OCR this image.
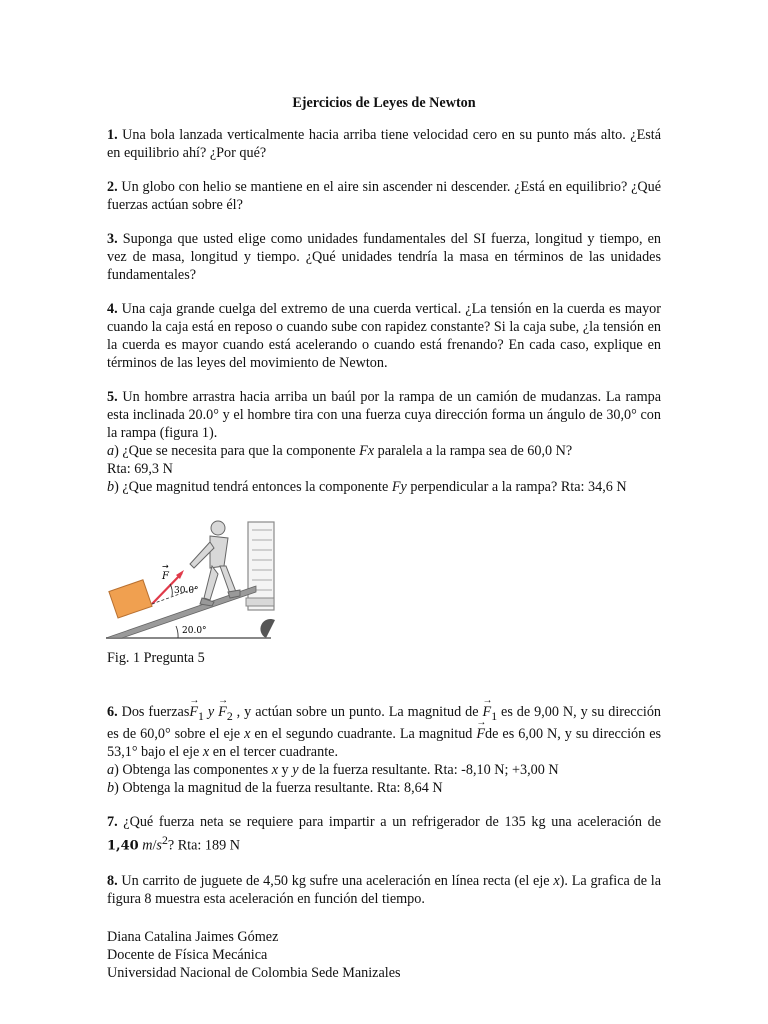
Ejercicios de Leyes de Newton

1. Una bola lanzada verticalmente hacia arriba tiene velocidad cero en su punto más alto. ¿Está en equilibrio ahí? ¿Por qué?

2. Un globo con helio se mantiene en el aire sin ascender ni descender. ¿Está en equilibrio? ¿Qué fuerzas actúan sobre él?

3. Suponga que usted elige como unidades fundamentales del SI fuerza, longitud y tiempo, en vez de masa, longitud y tiempo. ¿Qué unidades tendría la masa en términos de las unidades fundamentales?

4. Una caja grande cuelga del extremo de una cuerda vertical. ¿La tensión en la cuerda es mayor cuando la caja está en reposo o cuando sube con rapidez constante? Si la caja sube, ¿la tensión en la cuerda es mayor cuando está acelerando o cuando está frenando? En cada caso, explique en términos de las leyes del movimiento de Newton.

5. Un hombre arrastra hacia arriba un baúl por la rampa de un camión de mudanzas. La rampa esta inclinada 20.0° y el hombre tira con una fuerza cuya dirección forma un ángulo de 30,0° con la rampa (figura 1).

a) ¿Que se necesita para que la componente Fx paralela a la rampa sea de 60,0 N?

Rta: 69,3 N

b) ¿Que magnitud tendrá entonces la componente Fy perpendicular a la rampa? Rta: 34,6 N

20.0°
F
→
30.0°

Fig. 1 Pregunta 5

6. Dos fuerzas→ $F_1$ $y \to F_2$ , y actúan sobre un punto. La magnitud de → $F_1$ es de 9,00 N, y su dirección es de 60,0° sobre el eje x en el segundo cuadrante. La magnitud → Fde es 6,00 N, y su dirección es 53,1° bajo el eje x en el tercer cuadrante.

a) Obtenga las componentes x y y de la fuerza resultante. Rta: -8,10 N; +3,00 N

b) Obtenga la magnitud de la fuerza resultante. Rta: 8,64 N

7. ¿Qué fuerza neta se requiere para impartir a un refrigerador de 135 kg una aceleración de 1,40 $m/s^2$? Rta: 189 N

8. Un carrito de juguete de 4,50 kg sufre una aceleración en línea recta (el eje x). La grafica de la figura 8 muestra esta aceleración en función del tiempo.

Diana Catalina Jaimes Gómez

Docente de Física Mecánica

Universidad Nacional de Colombia Sede Manizales
